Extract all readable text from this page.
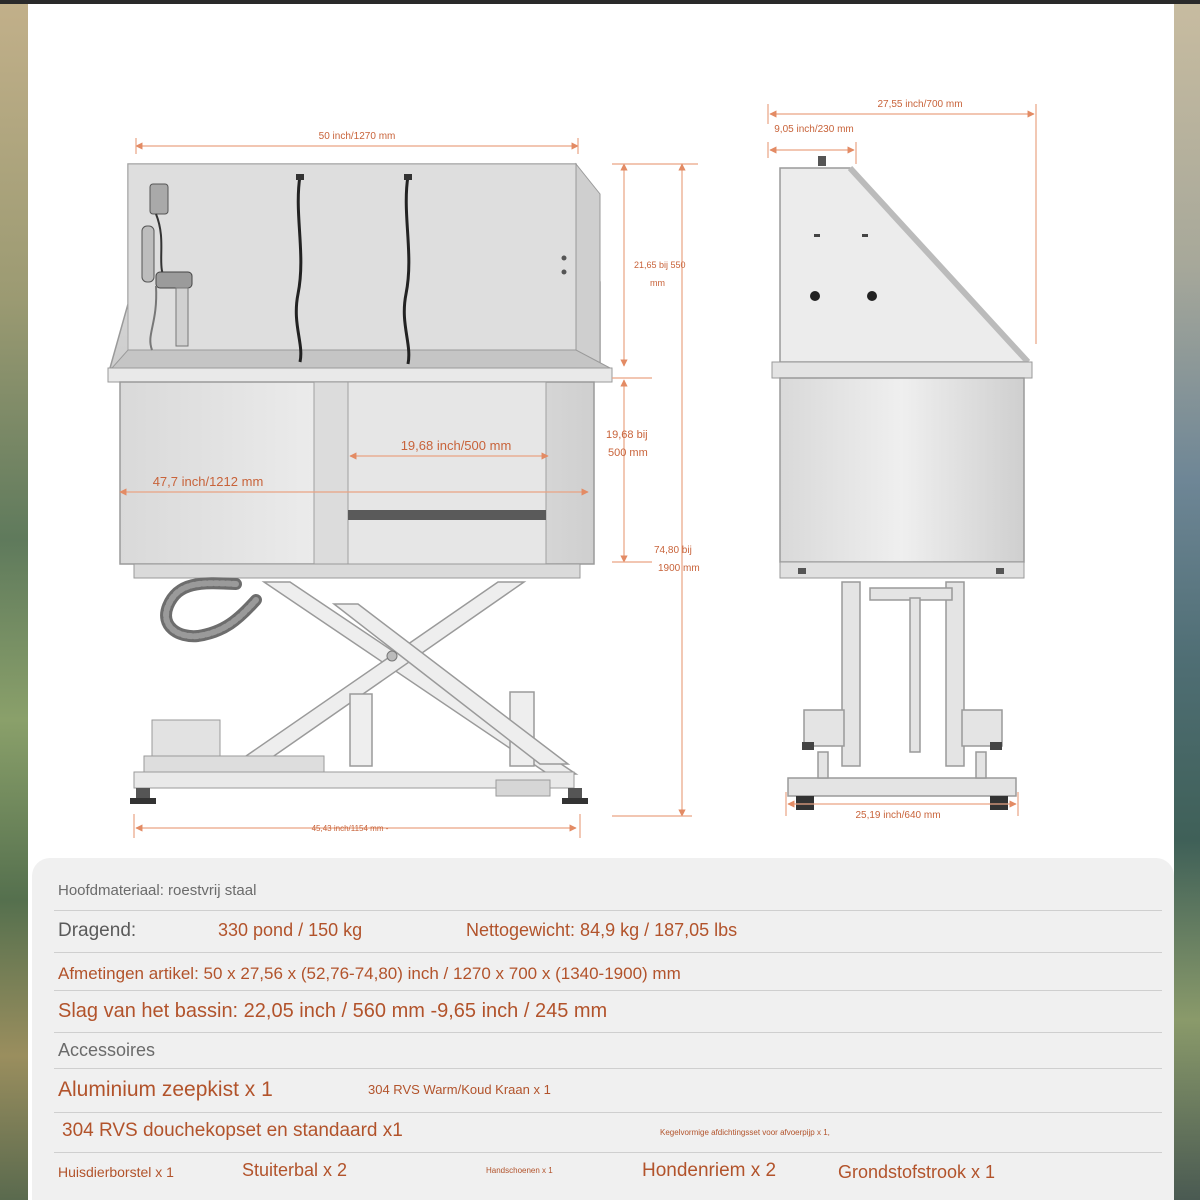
50 inch/1270 mm
21,65 bij 550
mm
19,68 bij
500 mm
74,80 bij
1900 mm
19,68 inch/500 mm
47,7 inch/1212 mm
45,43 inch/1154 mm -
27,55 inch/700 mm
9,05 inch/230 mm
25,19 inch/640 mm
Hoofdmateriaal: roestvrij staal
Dragend:	330 pond / 150 kg	Nettogewicht: 84,9 kg / 187,05 lbs
Afmetingen artikel: 50 x 27,56 x (52,76-74,80) inch / 1270 x 700 x (1340-1900) mm
Slag van het bassin: 22,05 inch / 560 mm -9,65 inch / 245 mm
Accessoires
Aluminium zeepkist x 1	304 RVS Warm/Koud Kraan x 1
304 RVS douchekopset en standaard x1	Kegelvormige afdichtingsset voor afvoerpijp x 1,
Huisdierborstel x 1	Stuiterbal x 2	Handschoenen x 1	Hondenriem x 2	Grondstofstrook x 1
